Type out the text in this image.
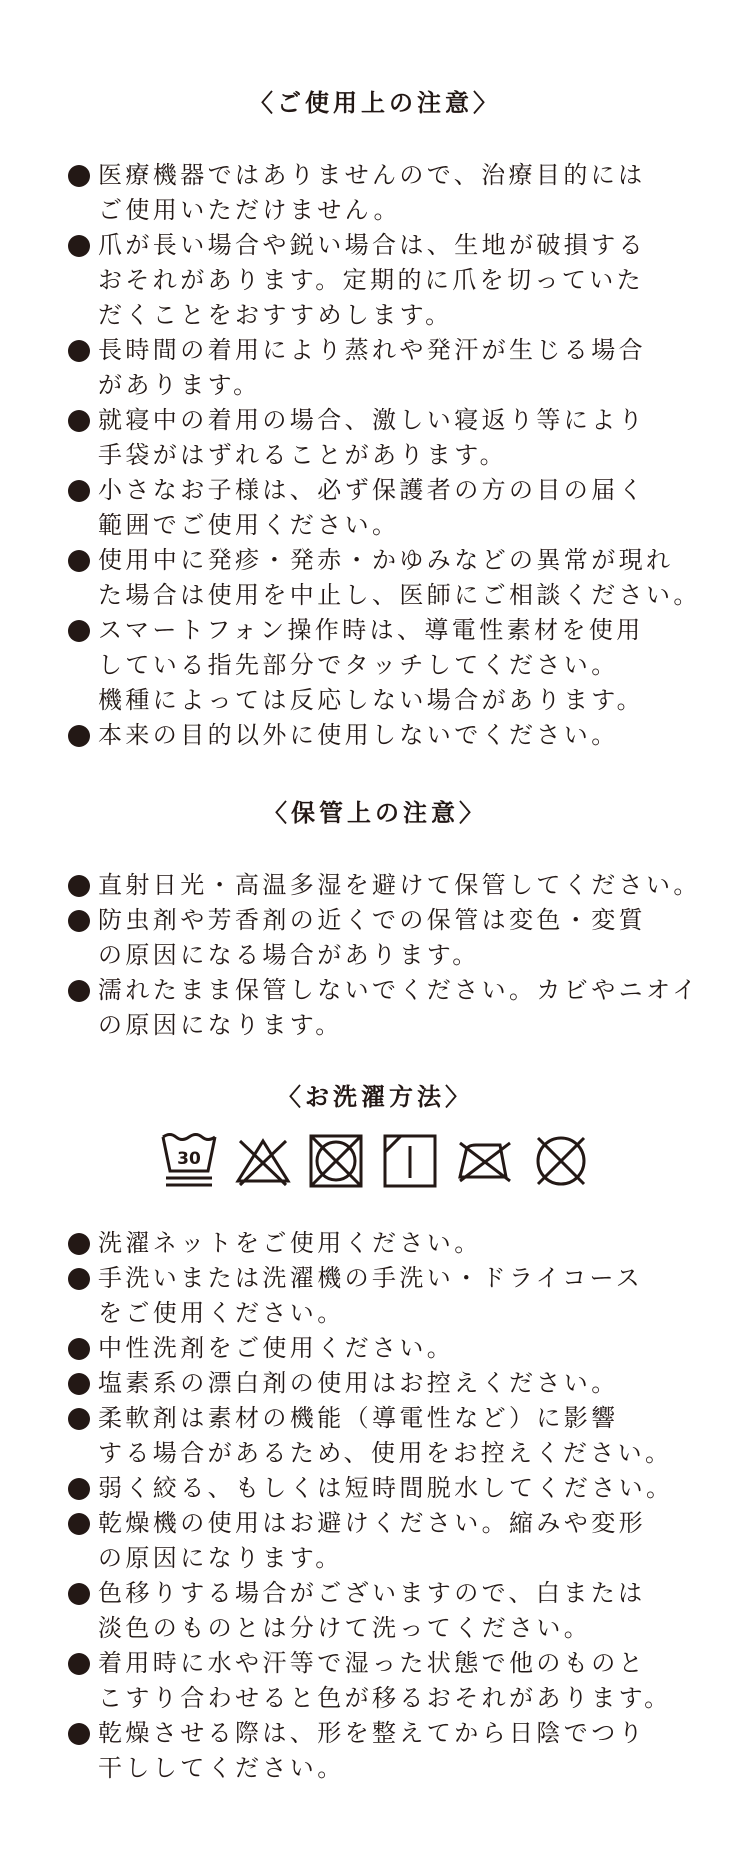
〈ご使用上の注意〉
医療機器ではありませんので、治療目的には
ご使用いただけません。
爪が長い場合や鋭い場合は、生地が破損する
おそれがあります。定期的に爪を切っていた
だくことをおすすめします。
長時間の着用により蒸れや発汗が生じる場合
があります。
就寝中の着用の場合、激しい寝返り等により
手袋がはずれることがあります。
小さなお子様は、必ず保護者の方の目の届く
範囲でご使用ください。
使用中に発疹・発赤・かゆみなどの異常が現れ
た場合は使用を中止し、医師にご相談ください。
スマートフォン操作時は、導電性素材を使用
している指先部分でタッチしてください。
機種によっては反応しない場合があります。
本来の目的以外に使用しないでください。
〈保管上の注意〉
直射日光・高温多湿を避けて保管してください。
防虫剤や芳香剤の近くでの保管は変色・変質
の原因になる場合があります。
濡れたまま保管しないでください。カビやニオイ
の原因になります。
〈お洗濯方法〉
30
洗濯ネットをご使用ください。
手洗いまたは洗濯機の手洗い・ドライコース
をご使用ください。
中性洗剤をご使用ください。
塩素系の漂白剤の使用はお控えください。
柔軟剤は素材の機能（導電性など）に影響
する場合があるため、使用をお控えください。
弱く絞る、もしくは短時間脱水してください。
乾燥機の使用はお避けください。縮みや変形
の原因になります。
色移りする場合がございますので、白または
淡色のものとは分けて洗ってください。
着用時に水や汗等で湿った状態で他のものと
こすり合わせると色が移るおそれがあります。
乾燥させる際は、形を整えてから日陰でつり
干ししてください。
